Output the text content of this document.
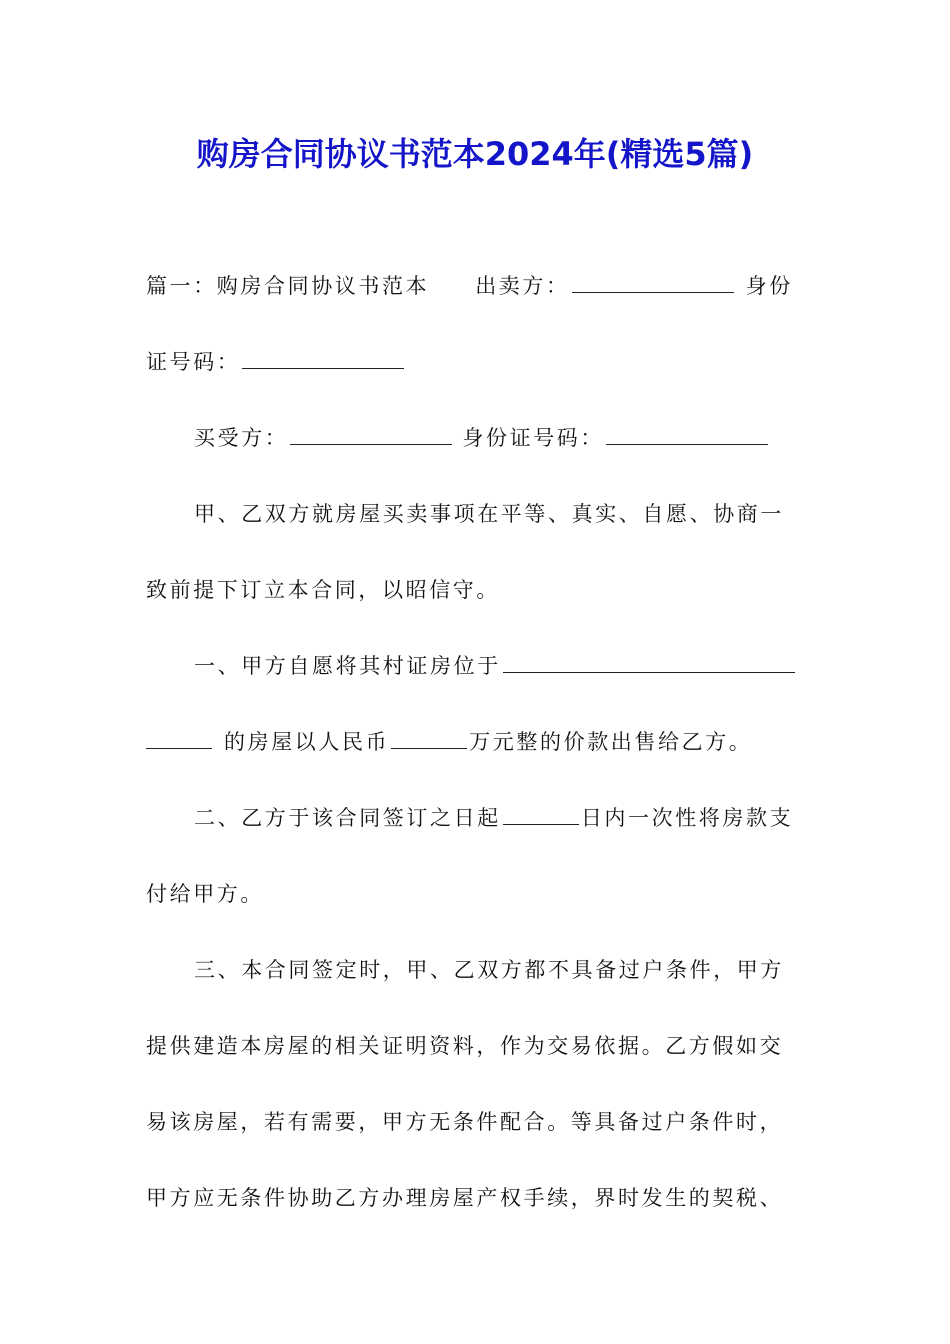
购房合同协议书范本2024年(精选5篇)
篇一：购房合同协议书范本 出卖方：	身份
证号码：
买受方：	身份证号码：
甲、乙双方就房屋买卖事项在平等、真实、自愿、协商一
致前提下订立本合同，以昭信守。
一、甲方自愿将其村证房位于
的房屋以人民币	万元整的价款出售给乙方。
二、乙方于该合同签订之日起	日内一次性将房款支
付给甲方。
三、本合同签定时，甲、乙双方都不具备过户条件，甲方
提供建造本房屋的相关证明资料，作为交易依据。乙方假如交
易该房屋，若有需要，甲方无条件配合。等具备过户条件时，
甲方应无条件协助乙方办理房屋产权手续，界时发生的契税、
